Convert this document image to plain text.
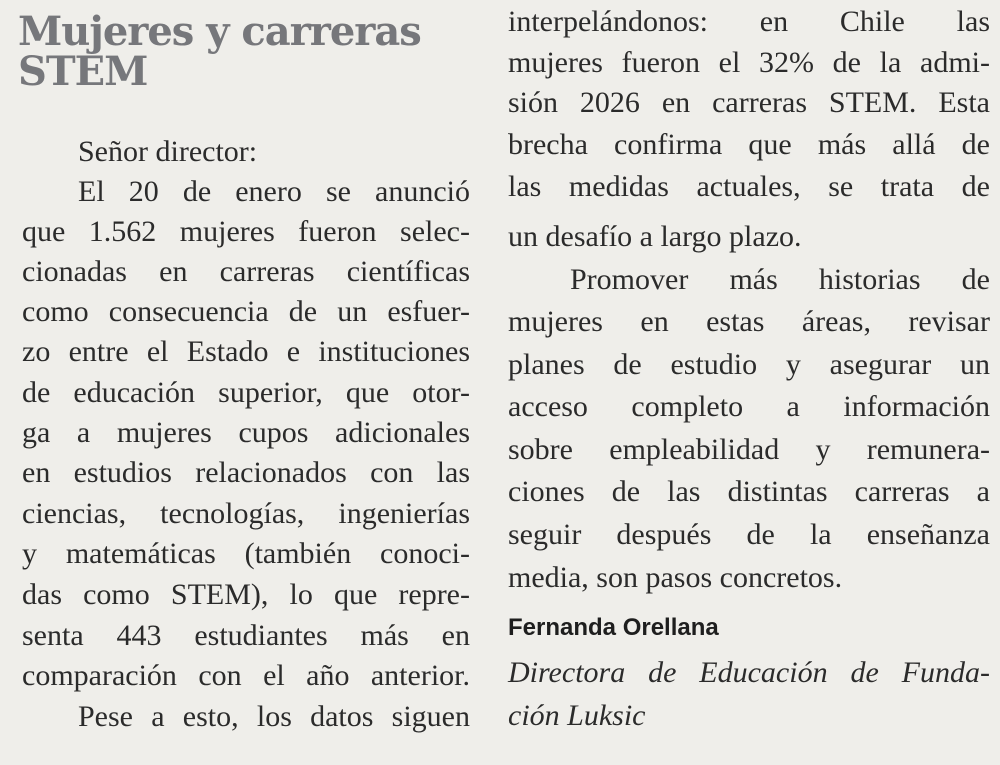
Mujeres y carreras
STEM
Señor director:
El 20 de enero se anunció
que 1.562 mujeres fueron selec-
cionadas en carreras científicas
como consecuencia de un esfuer-
zo entre el Estado e instituciones
de educación superior, que otor-
ga a mujeres cupos adicionales
en estudios relacionados con las
ciencias, tecnologías, ingenierías
y matemáticas (también conoci-
das como STEM), lo que repre-
senta 443 estudiantes más en
comparación con el año anterior.
Pese a esto, los datos siguen
interpelándonos: en Chile las
mujeres fueron el 32% de la admi-
sión 2026 en carreras STEM. Esta
brecha confirma que más allá de
las medidas actuales, se trata de
un desafío a largo plazo.
Promover más historias de
mujeres en estas áreas, revisar
planes de estudio y asegurar un
acceso completo a información
sobre empleabilidad y remunera-
ciones de las distintas carreras a
seguir después de la enseñanza
media, son pasos concretos.
Fernanda Orellana
Directora de Educación de Funda-
ción Luksic
